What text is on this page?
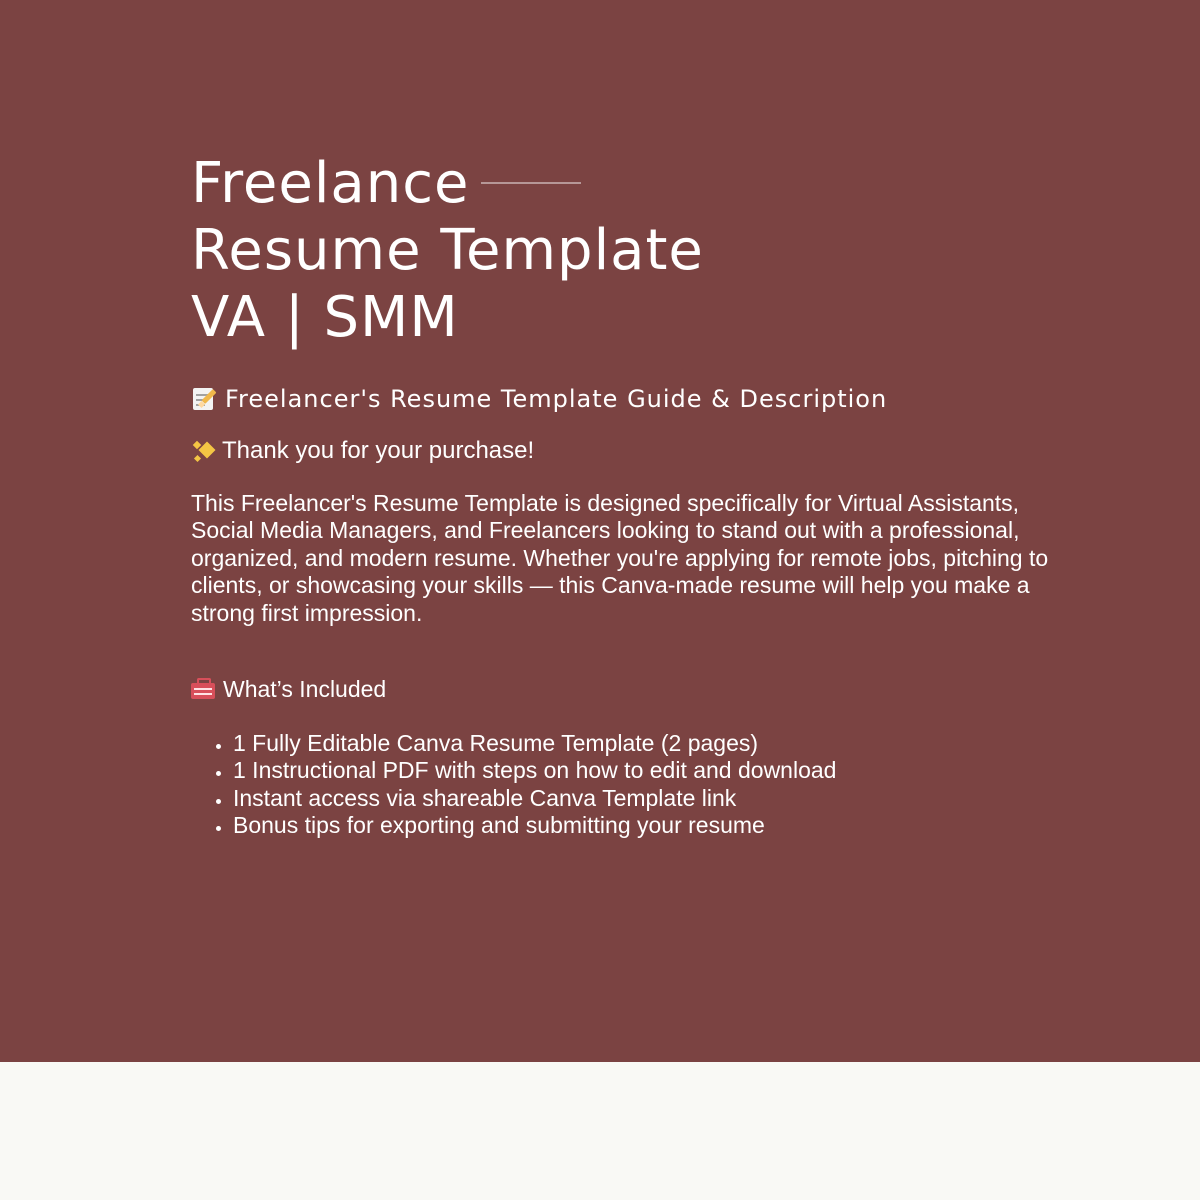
Freelance
Resume Template
VA | SMM
Freelancer's Resume Template Guide & Description
Thank you for your purchase!

This Freelancer's Resume Template is designed specifically for Virtual Assistants, Social Media Managers, and Freelancers looking to stand out with a professional, organized, and modern resume. Whether you're applying for remote jobs, pitching to clients, or showcasing your skills — this Canva-made resume will help you make a strong first impression.

What’s Included
• 1 Fully Editable Canva Resume Template (2 pages)
• 1 Instructional PDF with steps on how to edit and download
• Instant access via shareable Canva Template link
• Bonus tips for exporting and submitting your resume
